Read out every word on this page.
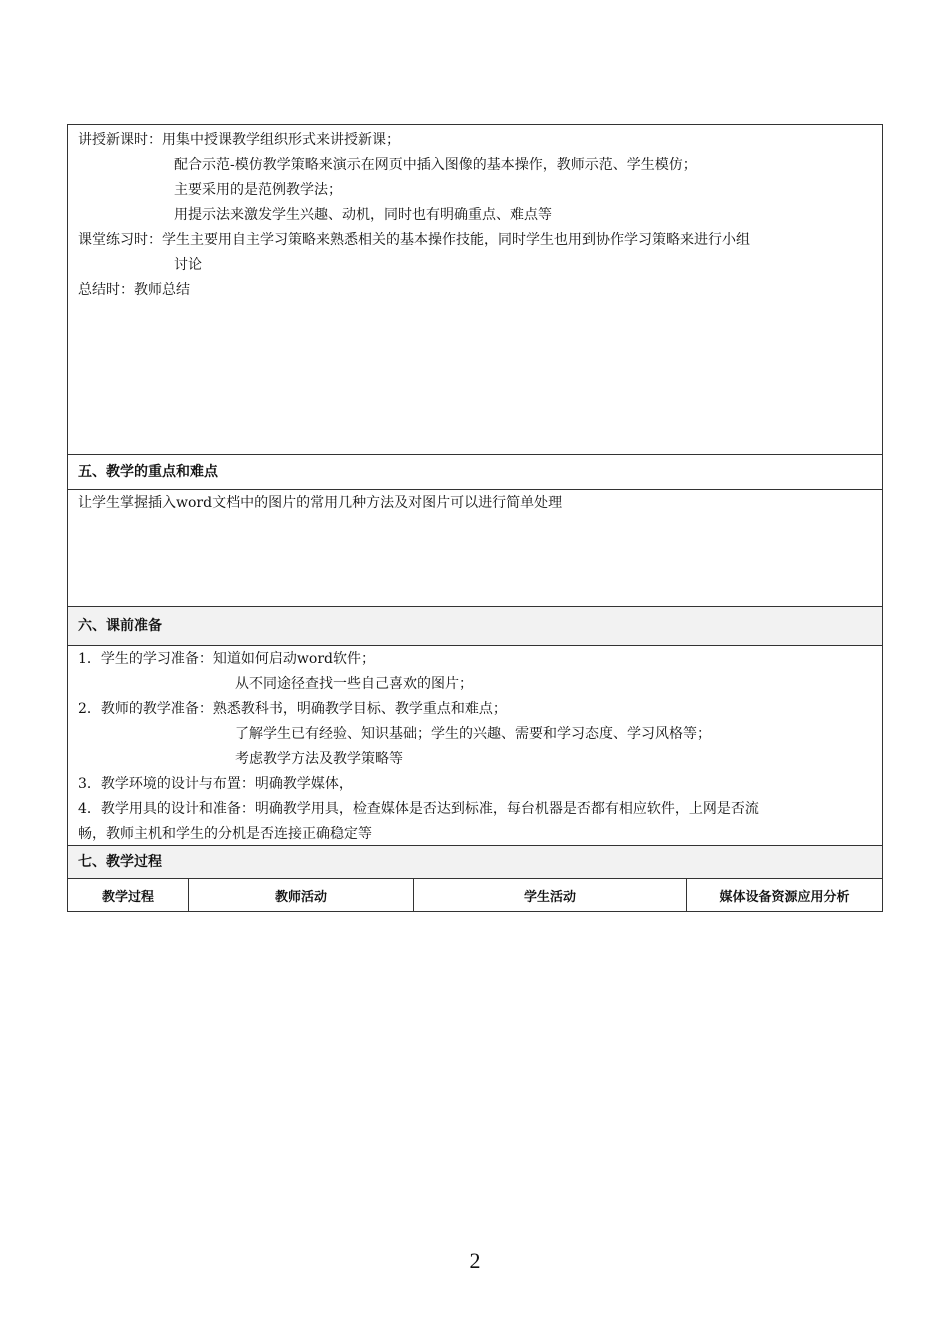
讲授新课时：用集中授课教学组织形式来讲授新课；
配合示范-模仿教学策略来演示在网页中插入图像的基本操作，教师示范、学生模仿；
主要采用的是范例教学法；
用提示法来激发学生兴趣、动机，同时也有明确重点、难点等
课堂练习时：学生主要用自主学习策略来熟悉相关的基本操作技能，同时学生也用到协作学习策略来进行小组
讨论
总结时：教师总结
五、教学的重点和难点
让学生掌握插入word文档中的图片的常用几种方法及对图片可以进行简单处理
六、课前准备
1．学生的学习准备：知道如何启动word软件；
从不同途径查找一些自己喜欢的图片；
2．教师的教学准备：熟悉教科书，明确教学目标、教学重点和难点；
了解学生已有经验、知识基础；学生的兴趣、需要和学习态度、学习风格等；
考虑教学方法及教学策略等
3．教学环境的设计与布置：明确教学媒体，
4．教学用具的设计和准备：明确教学用具，检查媒体是否达到标准，每台机器是否都有相应软件，上网是否流
畅，教师主机和学生的分机是否连接正确稳定等
七、教学过程
教学过程	教师活动	学生活动	媒体设备资源应用分析
2
